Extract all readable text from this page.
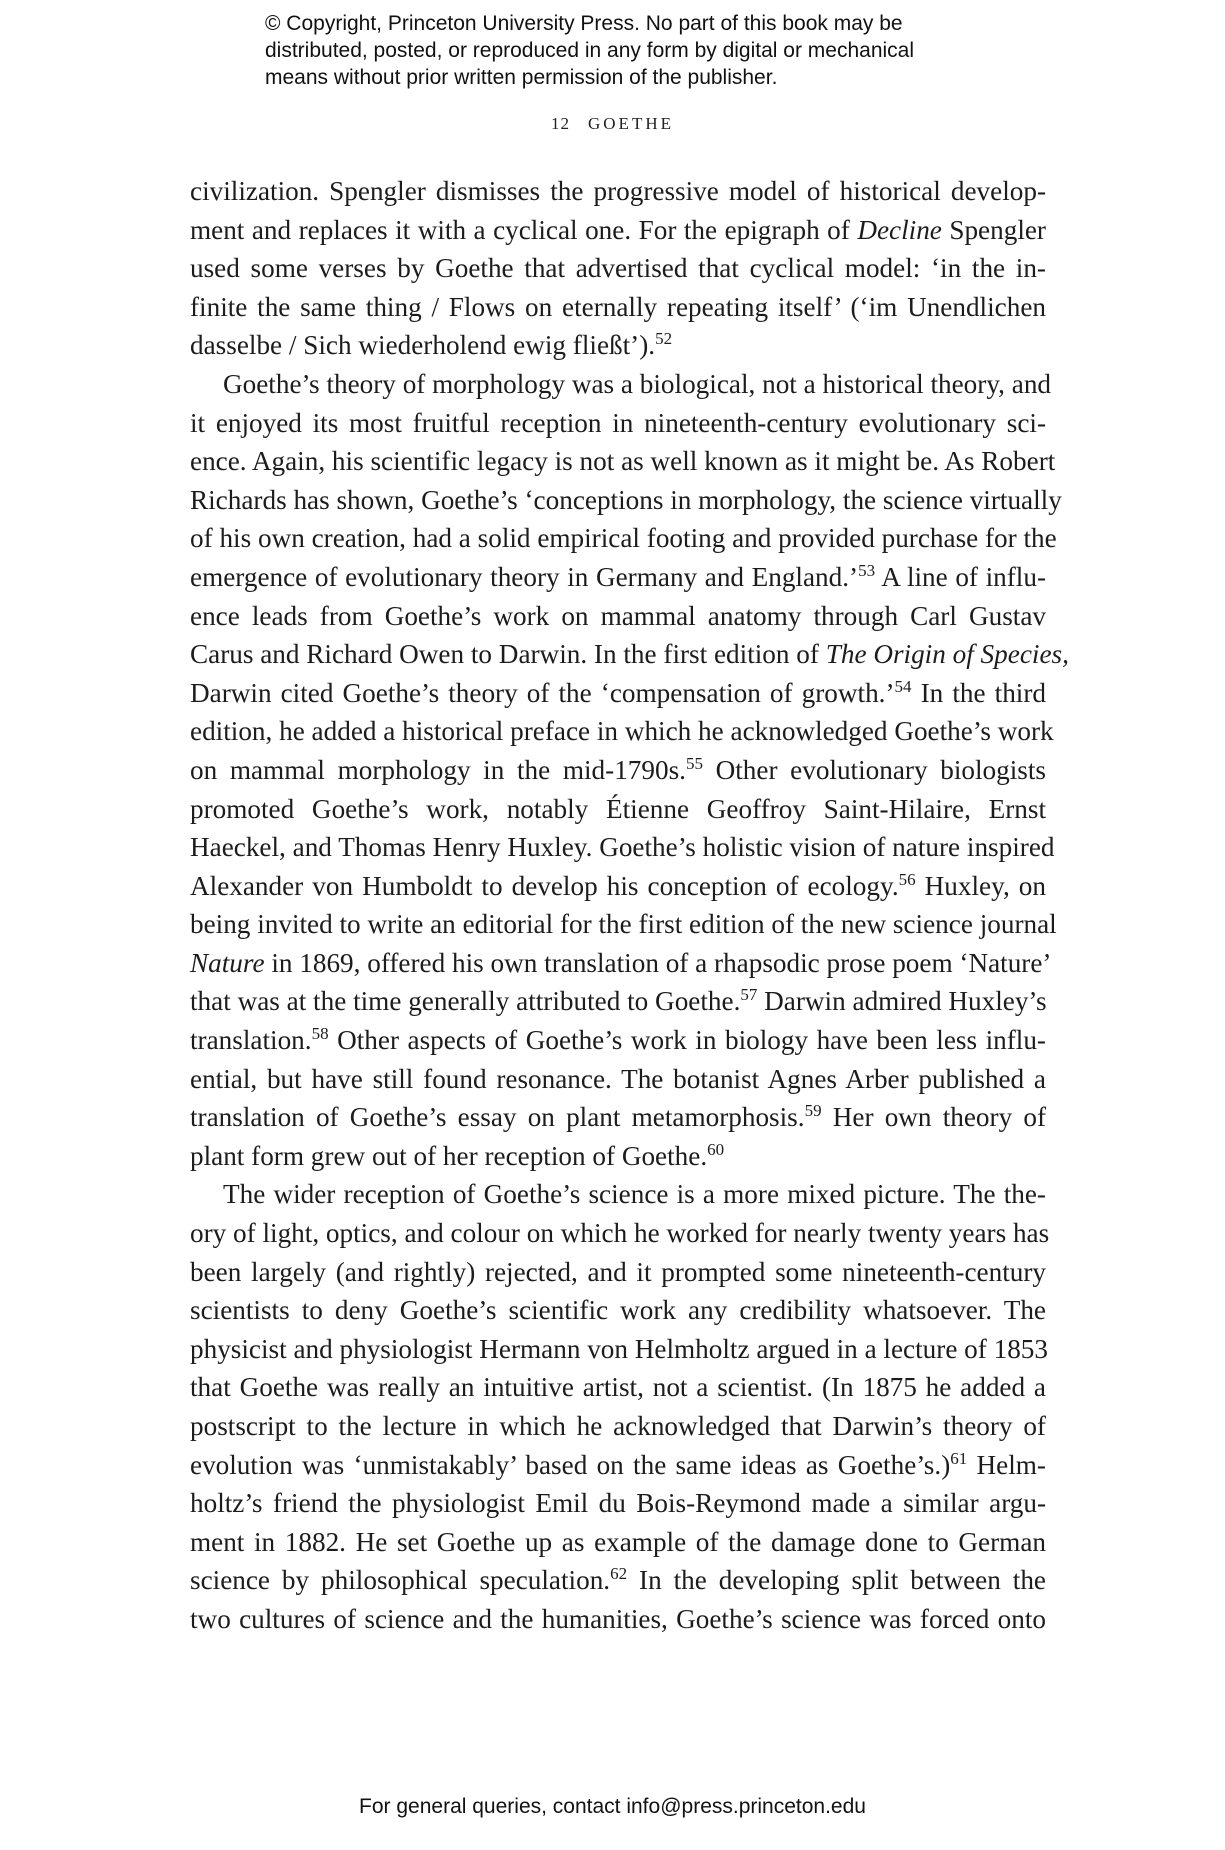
© Copyright, Princeton University Press. No part of this book may be
distributed, posted, or reproduced in any form by digital or mechanical
means without prior written permission of the publisher.
12 GOETHE
civilization. Spengler dismisses the progressive model of historical develop-
ment and replaces it with a cyclical one. For the epigraph of Decline Spengler
used some verses by Goethe that advertised that cyclical model: ‘in the in-
finite the same thing / Flows on eternally repeating itself’ (‘im Unendlichen
dasselbe / Sich wiederholend ewig fließt’).$^{52}$
Goethe’s theory of morphology was a biological, not a historical theory, and
it enjoyed its most fruitful reception in nineteenth-century evolutionary sci-
ence. Again, his scientific legacy is not as well known as it might be. As Robert
Richards has shown, Goethe’s ‘conceptions in morphology, the science virtually
of his own creation, had a solid empirical footing and provided purchase for the
emergence of evolutionary theory in Germany and England.’$^{53}$ A line of influ-
ence leads from Goethe’s work on mammal anatomy through Carl Gustav
Carus and Richard Owen to Darwin. In the first edition of The Origin of Species,
Darwin cited Goethe’s theory of the ‘compensation of growth.’$^{54}$ In the third
edition, he added a historical preface in which he acknowledged Goethe’s work
on mammal morphology in the mid-1790s.$^{55}$ Other evolutionary biologists
promoted Goethe’s work, notably Étienne Geoffroy Saint-Hilaire, Ernst
Haeckel, and Thomas Henry Huxley. Goethe’s holistic vision of nature inspired
Alexander von Humboldt to develop his conception of ecology.$^{56}$ Huxley, on
being invited to write an editorial for the first edition of the new science journal
Nature in 1869, offered his own translation of a rhapsodic prose poem ‘Nature’
that was at the time generally attributed to Goethe.$^{57}$ Darwin admired Huxley’s
translation.$^{58}$ Other aspects of Goethe’s work in biology have been less influ-
ential, but have still found resonance. The botanist Agnes Arber published a
translation of Goethe’s essay on plant metamorphosis.$^{59}$ Her own theory of
plant form grew out of her reception of Goethe.$^{60}$
The wider reception of Goethe’s science is a more mixed picture. The the-
ory of light, optics, and colour on which he worked for nearly twenty years has
been largely (and rightly) rejected, and it prompted some nineteenth-century
scientists to deny Goethe’s scientific work any credibility whatsoever. The
physicist and physiologist Hermann von Helmholtz argued in a lecture of 1853
that Goethe was really an intuitive artist, not a scientist. (In 1875 he added a
postscript to the lecture in which he acknowledged that Darwin’s theory of
evolution was ‘unmistakably’ based on the same ideas as Goethe’s.)$^{61}$ Helm-
holtz’s friend the physiologist Emil du Bois-Reymond made a similar argu-
ment in 1882. He set Goethe up as example of the damage done to German
science by philosophical speculation.$^{62}$ In the developing split between the
two cultures of science and the humanities, Goethe’s science was forced onto
For general queries, contact info@press.princeton.edu
